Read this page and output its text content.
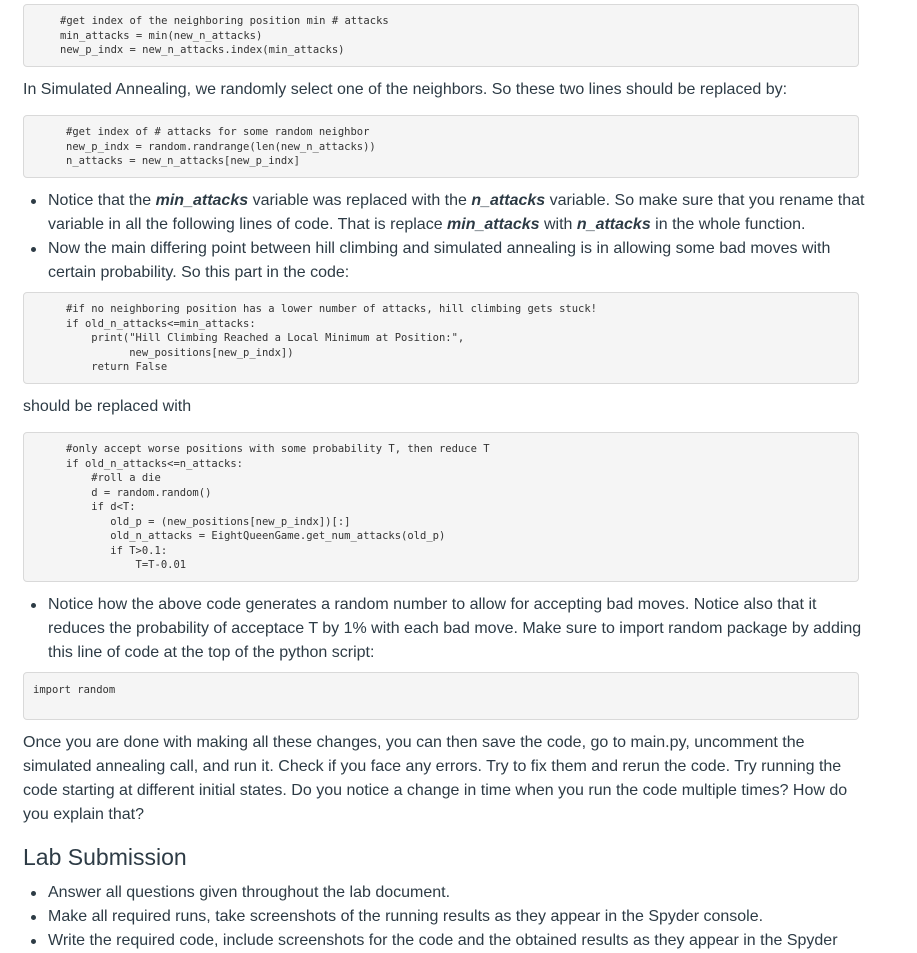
#get index of the neighboring position min # attacks
min_attacks = min(new_n_attacks)
new_p_indx = new_n_attacks.index(min_attacks)

In Simulated Annealing, we randomly select one of the neighbors. So these two lines should be replaced by:

#get index of # attacks for some random neighbor
new_p_indx = random.randrange(len(new_n_attacks))
n_attacks = new_n_attacks[new_p_indx]
Notice that the min_attacks variable was replaced with the n_attacks variable. So make sure that you rename that variable in all the following lines of code. That is replace min_attacks with n_attacks in the whole function.
Now the main differing point between hill climbing and simulated annealing is in allowing some bad moves with certain probability. So this part in the code:
#if no neighboring position has a lower number of attacks, hill climbing gets stuck!
if old_n_attacks<=min_attacks:
print("Hill Climbing Reached a Local Minimum at Position:",
new_positions[new_p_indx])
return False

should be replaced with

#only accept worse positions with some probability T, then reduce T
if old_n_attacks<=n_attacks:
#roll a die
d = random.random()
if d<T:
old_p = (new_positions[new_p_indx])[:]
old_n_attacks = EightQueenGame.get_num_attacks(old_p)
if T>0.1:
T=T-0.01
Notice how the above code generates a random number to allow for accepting bad moves. Notice also that it reduces the probability of acceptace T by 1% with each bad move. Make sure to import random package by adding this line of code at the top of the python script:
import random

Once you are done with making all these changes, you can then save the code, go to main.py, uncomment the simulated annealing call, and run it. Check if you face any errors. Try to fix them and rerun the code. Try running the code starting at different initial states. Do you notice a change in time when you run the code multiple times? How do you explain that?

Lab Submission
Answer all questions given throughout the lab document.
Make all required runs, take screenshots of the running results as they appear in the Spyder console.
Write the required code, include screenshots for the code and the obtained results as they appear in the Spyder
